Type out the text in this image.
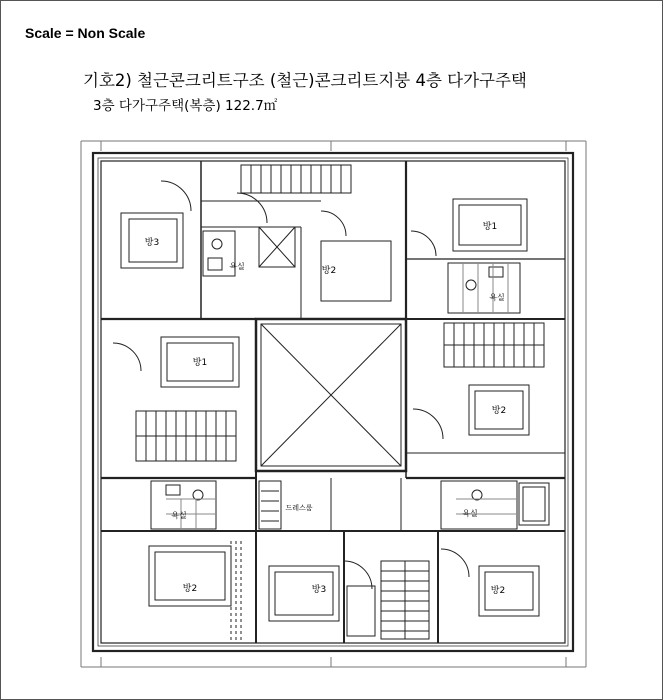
Scale = Non Scale
기호2) 철근콘크리트구조 (철근)콘크리트지붕 4층 다가구주택
3층 다가구주택(복층) 122.7㎡
방3
방2
방1
방1
방2
드레스룸
방2	방3	방2
욕실
욕실
욕실	욕실
